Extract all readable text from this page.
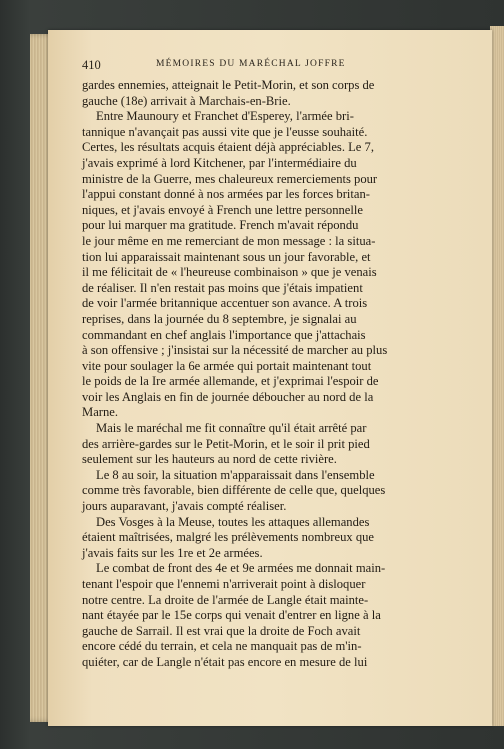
410	MÉMOIRES DU MARÉCHAL JOFFRE
gardes ennemies, atteignait le Petit-Morin, et son corps de
gauche (18e) arrivait à Marchais-en-Brie.
Entre Maunoury et Franchet d'Esperey, l'armée bri-
tannique n'avançait pas aussi vite que je l'eusse souhaité.
Certes, les résultats acquis étaient déjà appréciables. Le 7,
j'avais exprimé à lord Kitchener, par l'intermédiaire du
ministre de la Guerre, mes chaleureux remerciements pour
l'appui constant donné à nos armées par les forces britan-
niques, et j'avais envoyé à French une lettre personnelle
pour lui marquer ma gratitude. French m'avait répondu
le jour même en me remerciant de mon message : la situa-
tion lui apparaissait maintenant sous un jour favorable, et
il me félicitait de « l'heureuse combinaison » que je venais
de réaliser. Il n'en restait pas moins que j'étais impatient
de voir l'armée britannique accentuer son avance. A trois
reprises, dans la journée du 8 septembre, je signalai au
commandant en chef anglais l'importance que j'attachais
à son offensive ; j'insistai sur la nécessité de marcher au plus
vite pour soulager la 6e armée qui portait maintenant tout
le poids de la Ire armée allemande, et j'exprimai l'espoir de
voir les Anglais en fin de journée déboucher au nord de la
Marne.
Mais le maréchal me fit connaître qu'il était arrêté par
des arrière-gardes sur le Petit-Morin, et le soir il prit pied
seulement sur les hauteurs au nord de cette rivière.
Le 8 au soir, la situation m'apparaissait dans l'ensemble
comme très favorable, bien différente de celle que, quelques
jours auparavant, j'avais compté réaliser.
Des Vosges à la Meuse, toutes les attaques allemandes
étaient maîtrisées, malgré les prélèvements nombreux que
j'avais faits sur les 1re et 2e armées.
Le combat de front des 4e et 9e armées me donnait main-
tenant l'espoir que l'ennemi n'arriverait point à disloquer
notre centre. La droite de l'armée de Langle était mainte-
nant étayée par le 15e corps qui venait d'entrer en ligne à la
gauche de Sarrail. Il est vrai que la droite de Foch avait
encore cédé du terrain, et cela ne manquait pas de m'in-
quiéter, car de Langle n'était pas encore en mesure de lui
